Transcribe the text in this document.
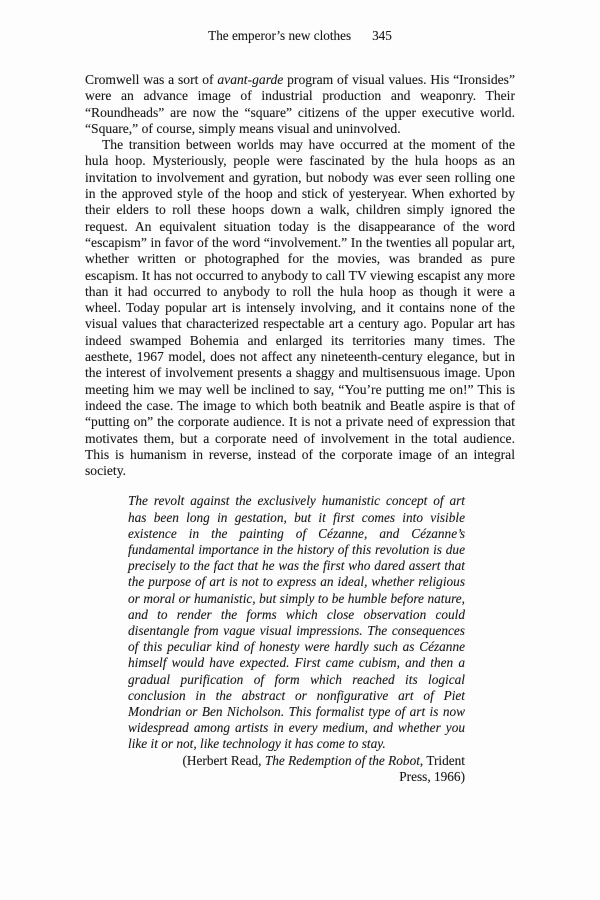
The emperor’s new clothes 345

Cromwell was a sort of avant-garde program of visual values. His “Ironsides” were an advance image of industrial production and weaponry. Their “Roundheads” are now the “square” citizens of the upper executive world. “Square,” of course, simply means visual and uninvolved.

The transition between worlds may have occurred at the moment of the hula hoop. Mysteriously, people were fascinated by the hula hoops as an invitation to involvement and gyration, but nobody was ever seen rolling one in the approved style of the hoop and stick of yesteryear. When exhorted by their elders to roll these hoops down a walk, children simply ignored the request. An equivalent situation today is the disappearance of the word “escapism” in favor of the word “involvement.” In the twenties all popular art, whether written or photographed for the movies, was branded as pure escapism. It has not occurred to anybody to call TV viewing escapist any more than it had occurred to anybody to roll the hula hoop as though it were a wheel. Today popular art is intensely involving, and it contains none of the visual values that characterized respectable art a century ago. Popular art has indeed swamped Bohemia and enlarged its territories many times. The aesthete, 1967 model, does not affect any nineteenth-century elegance, but in the interest of involvement presents a shaggy and multisensuous image. Upon meeting him we may well be inclined to say, “You’re putting me on!” This is indeed the case. The image to which both beatnik and Beatle aspire is that of “putting on” the corporate audience. It is not a private need of expression that motivates them, but a corporate need of involvement in the total audience. This is humanism in reverse, instead of the corporate image of an integral society.

The revolt against the exclusively humanistic concept of art has been long in gestation, but it first comes into visible existence in the painting of Cézanne, and Cézanne’s fundamental importance in the history of this revolution is due precisely to the fact that he was the first who dared assert that the purpose of art is not to express an ideal, whether religious or moral or humanistic, but simply to be humble before nature, and to render the forms which close observation could disentangle from vague visual impressions. The consequences of this peculiar kind of honesty were hardly such as Cézanne himself would have expected. First came cubism, and then a gradual purification of form which reached its logical conclusion in the abstract or nonfigurative art of Piet Mondrian or Ben Nicholson. This formalist type of art is now widespread among artists in every medium, and whether you like it or not, like technology it has come to stay.

(Herbert Read, The Redemption of the Robot, Trident
Press, 1966)
